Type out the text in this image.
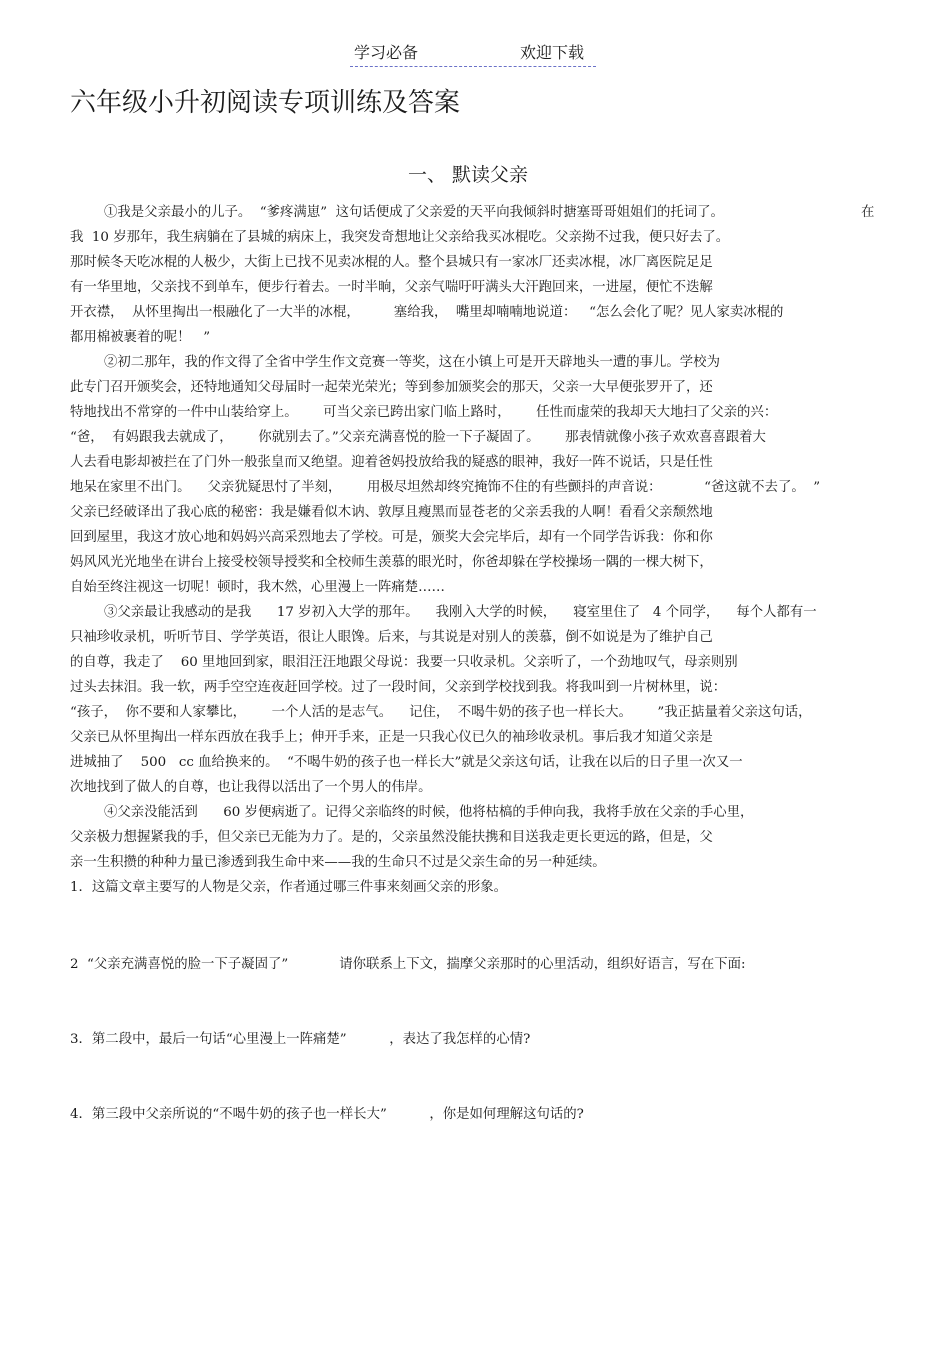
学习必备	欢迎下载
六年级小升初阅读专项训练及答案
一、 默读父亲
①我是父亲最小的儿子。  “爹疼满崽”  这句话便成了父亲爱的天平向我倾斜时搪塞哥哥姐姐们的托词了。	在
我  10 岁那年，我生病躺在了县城的病床上，我突发奇想地让父亲给我买冰棍吃。父亲拗不过我，便只好去了。
那时候冬天吃冰棍的人极少，大街上已找不见卖冰棍的人。整个县城只有一家冰厂还卖冰棍，冰厂离医院足足
有一华里地，父亲找不到单车，便步行着去。一时半晌，父亲气喘吁吁满头大汗跑回来，一进屋，便忙不迭解
开衣襟，  从怀里掏出一根融化了一大半的冰棍，        塞给我，  嘴里却喃喃地说道：   “怎么会化了呢？见人家卖冰棍的
都用棉被裹着的呢！   ”
②初二那年，我的作文得了全省中学生作文竞赛一等奖，这在小镇上可是开天辟地头一遭的事儿。学校为
此专门召开颁奖会，还特地通知父母届时一起荣光荣光；等到参加颁奖会的那天，父亲一大早便张罗开了，还
特地找出不常穿的一件中山装给穿上。      可当父亲已跨出家门临上路时，      任性而虚荣的我却天大地扫了父亲的兴：
“爸，  有妈跟我去就成了，      你就别去了。”父亲充满喜悦的脸一下子凝固了。      那表情就像小孩子欢欢喜喜跟着大
人去看电影却被拦在了门外一般张皇而又绝望。迎着爸妈投放给我的疑惑的眼神，我好一阵不说话，只是任性
地呆在家里不出门。    父亲犹疑思忖了半刻，      用极尽坦然却终究掩饰不住的有些颤抖的声音说：          “爸这就不去了。  ”
父亲已经破译出了我心底的秘密：我是嫌看似木讷、敦厚且瘦黑而显苍老的父亲丢我的人啊！看看父亲颓然地
回到屋里，我这才放心地和妈妈兴高采烈地去了学校。可是，颁奖大会完毕后，却有一个同学告诉我：你和你
妈风风光光地坐在讲台上接受校领导授奖和全校师生羡慕的眼光时，你爸却躲在学校操场一隅的一棵大树下，
自始至终注视这一切呢！顿时，我木然，心里漫上一阵痛楚……
③父亲最让我感动的是我      17 岁初入大学的那年。    我刚入大学的时候，    寝室里住了   4 个同学，    每个人都有一
只袖珍收录机，听听节目、学学英语，很让人眼馋。后来，与其说是对别人的羡慕，倒不如说是为了维护自己
的自尊，我走了    60 里地回到家，眼泪汪汪地跟父母说：我要一只收录机。父亲听了，一个劲地叹气，母亲则别
过头去抹泪。我一软，两手空空连夜赶回学校。过了一段时间，父亲到学校找到我。将我叫到一片树林里，说：
“孩子，  你不要和人家攀比，      一个人活的是志气。    记住，  不喝牛奶的孩子也一样长大。      ”我正掂量着父亲这句话，
父亲已从怀里掏出一样东西放在我手上；伸开手来，正是一只我心仪已久的袖珍收录机。事后我才知道父亲是
进城抽了    500   cc 血给换来的。  “不喝牛奶的孩子也一样长大”就是父亲这句话，让我在以后的日子里一次又一
次地找到了做人的自尊，也让我得以活出了一个男人的伟岸。
④父亲没能活到      60 岁便病逝了。记得父亲临终的时候，他将枯槁的手伸向我，我将手放在父亲的手心里，
父亲极力想握紧我的手，但父亲已无能为力了。是的，父亲虽然没能扶携和目送我走更长更远的路，但是，父
亲一生积攒的种种力量已渗透到我生命中来——我的生命只不过是父亲生命的另一种延续。
1．这篇文章主要写的人物是父亲，作者通过哪三件事来刻画父亲的形象。
2  “父亲充满喜悦的脸一下子凝固了”            请你联系上下文，揣摩父亲那时的心里活动，组织好语言，写在下面:
3．第二段中，最后一句话“心里漫上一阵痛楚”          ，表达了我怎样的心情?
4．第三段中父亲所说的“不喝牛奶的孩子也一样长大”          ，你是如何理解这句话的?
